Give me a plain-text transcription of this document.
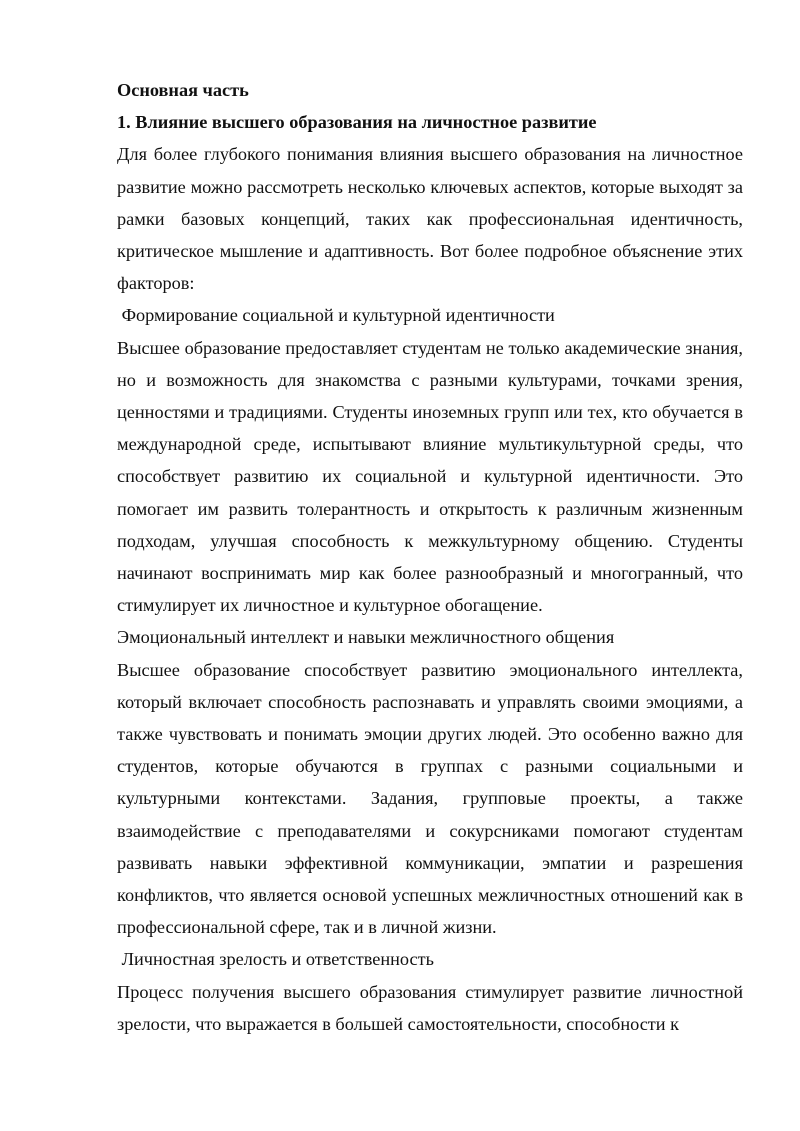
Основная часть

1. Влияние высшего образования на личностное развитие

Для более глубокого понимания влияния высшего образования на личностное развитие можно рассмотреть несколько ключевых аспектов, которые выходят за рамки базовых концепций, таких как профессиональная идентичность, критическое мышление и адаптивность. Вот более подробное объяснение этих факторов:

Формирование социальной и культурной идентичности

Высшее образование предоставляет студентам не только академические знания, но и возможность для знакомства с разными культурами, точками зрения, ценностями и традициями. Студенты иноземных групп или тех, кто обучается в международной среде, испытывают влияние мультикультурной среды, что способствует развитию их социальной и культурной идентичности. Это помогает им развить толерантность и открытость к различным жизненным подходам, улучшая способность к межкультурному общению. Студенты начинают воспринимать мир как более разнообразный и многогранный, что стимулирует их личностное и культурное обогащение.

Эмоциональный интеллект и навыки межличностного общения

Высшее образование способствует развитию эмоционального интеллекта, который включает способность распознавать и управлять своими эмоциями, а также чувствовать и понимать эмоции других людей. Это особенно важно для студентов, которые обучаются в группах с разными социальными и культурными контекстами. Задания, групповые проекты, а также взаимодействие с преподавателями и сокурсниками помогают студентам развивать навыки эффективной коммуникации, эмпатии и разрешения конфликтов, что является основой успешных межличностных отношений как в профессиональной сфере, так и в личной жизни.

Личностная зрелость и ответственность

Процесс получения высшего образования стимулирует развитие личностной зрелости, что выражается в большей самостоятельности, способности к
